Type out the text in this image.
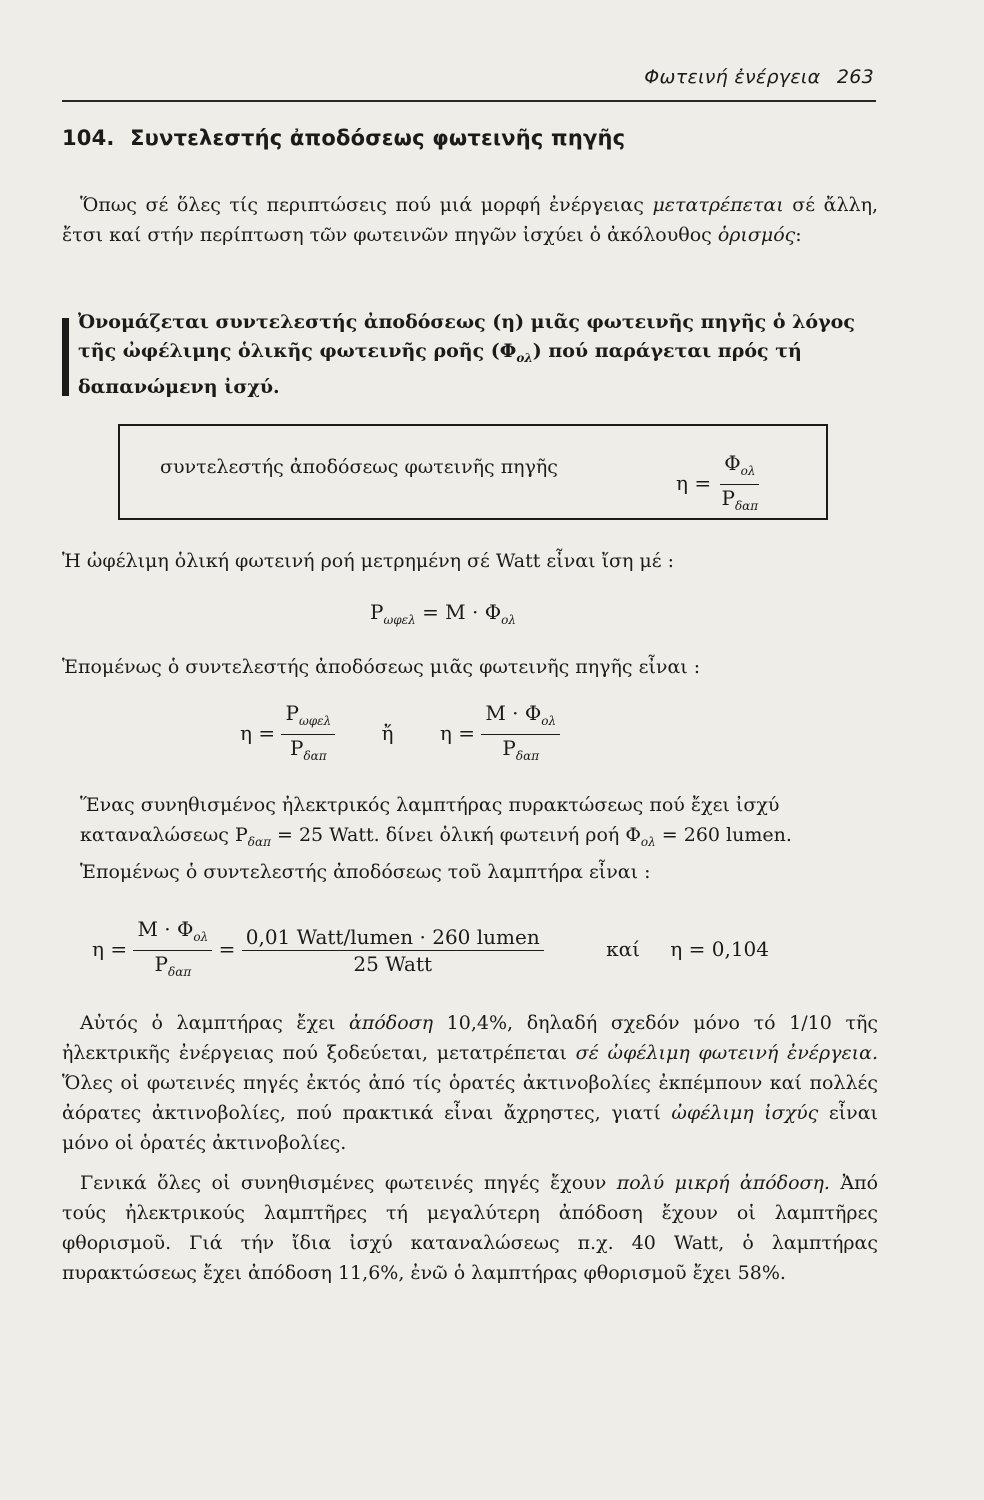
Φωτεινή ἐνέργεια 263
104. Συντελεστής ἀποδόσεως φωτεινῆς πηγῆς

Ὅπως σέ ὅλες τίς περιπτώσεις πού μιά μορφή ἐνέργειας μετατρέπεται σέ ἄλλη, ἔτσι καί στήν περίπτωση τῶν φωτεινῶν πηγῶν ἰσχύει ὁ ἀκόλουθος ὁρισμός:

Ὀνομάζεται συντελεστής ἀποδόσεως (η) μιᾶς φωτεινῆς πηγῆς ὁ λόγος τῆς ὠφέλιμης ὁλικῆς φωτεινῆς ροῆς $(\Phi_{o\lambda})$ πού παράγεται πρός τή δαπανώμενη ἰσχύ.

συντελεστής ἀποδόσεως φωτεινῆς πηγῆς
$\eta = \frac{\Phi_{o\lambda}}{P_{\delta\alpha\pi}}$

Ἡ ὠφέλιμη ὁλική φωτεινή ροή μετρημένη σέ Watt εἶναι ἴση μέ :

$P_{\omega\varphi\varepsilon\lambda} = M \cdot \Phi_{o\lambda}$

Ἑπομένως ὁ συντελεστής ἀποδόσεως μιᾶς φωτεινῆς πηγῆς εἶναι :

$\eta = \frac{P_{\omega\varphi\varepsilon\lambda}}{P_{\delta\alpha\pi}}$ ἤ $\eta = \frac{M \cdot \Phi_{o\lambda}}{P_{\delta\alpha\pi}}$
Ἕνας συνηθισμένος ἠλεκτρικός λαμπτήρας πυρακτώσεως πού ἔχει ἰσχύ
καταναλώσεως $P_{\delta\alpha\pi} = 25$ Watt. δίνει ὁλική φωτεινή ροή $\Phi_{o\lambda} = 260$ lumen.
Ἑπομένως ὁ συντελεστής ἀποδόσεως τοῦ λαμπτήρα εἶναι :
$\eta = \frac{M \cdot \Phi_{o\lambda}}{P_{\delta\alpha\pi}} = \frac{\text{0,01 Watt/lumen · 260 lumen}}{\text{25 Watt}}$	καί η = 0,104

Αὐτός ὁ λαμπτήρας ἔχει ἀπόδοση 10,4%, δηλαδή σχεδόν μόνο τό 1/10 τῆς ἠλεκτρικῆς ἐνέργειας πού ξοδεύεται, μετατρέπεται σέ ὠφέλιμη φωτεινή ἐνέργεια. Ὅλες οἱ φωτεινές πηγές ἐκτός ἀπό τίς ὁρατές ἀκτινοβολίες ἐκπέμπουν καί πολλές ἀόρατες ἀκτινοβολίες, πού πρακτικά εἶναι ἄχρηστες, γιατί ὠφέλιμη ἰσχύς εἶναι μόνο οἱ ὁρατές ἀκτινοβολίες.

Γενικά ὅλες οἱ συνηθισμένες φωτεινές πηγές ἔχουν πολύ μικρή ἀπόδοση. Ἀπό τούς ἠλεκτρικούς λαμπτῆρες τή μεγαλύτερη ἀπόδοση ἔχουν οἱ λαμπτῆρες φθορισμοῦ. Γιά τήν ἴδια ἰσχύ καταναλώσεως π.χ. 40 Watt, ὁ λαμπτήρας πυρακτώσεως ἔχει ἀπόδοση 11,6%, ἐνῶ ὁ λαμπτήρας φθορισμοῦ ἔχει 58%.
